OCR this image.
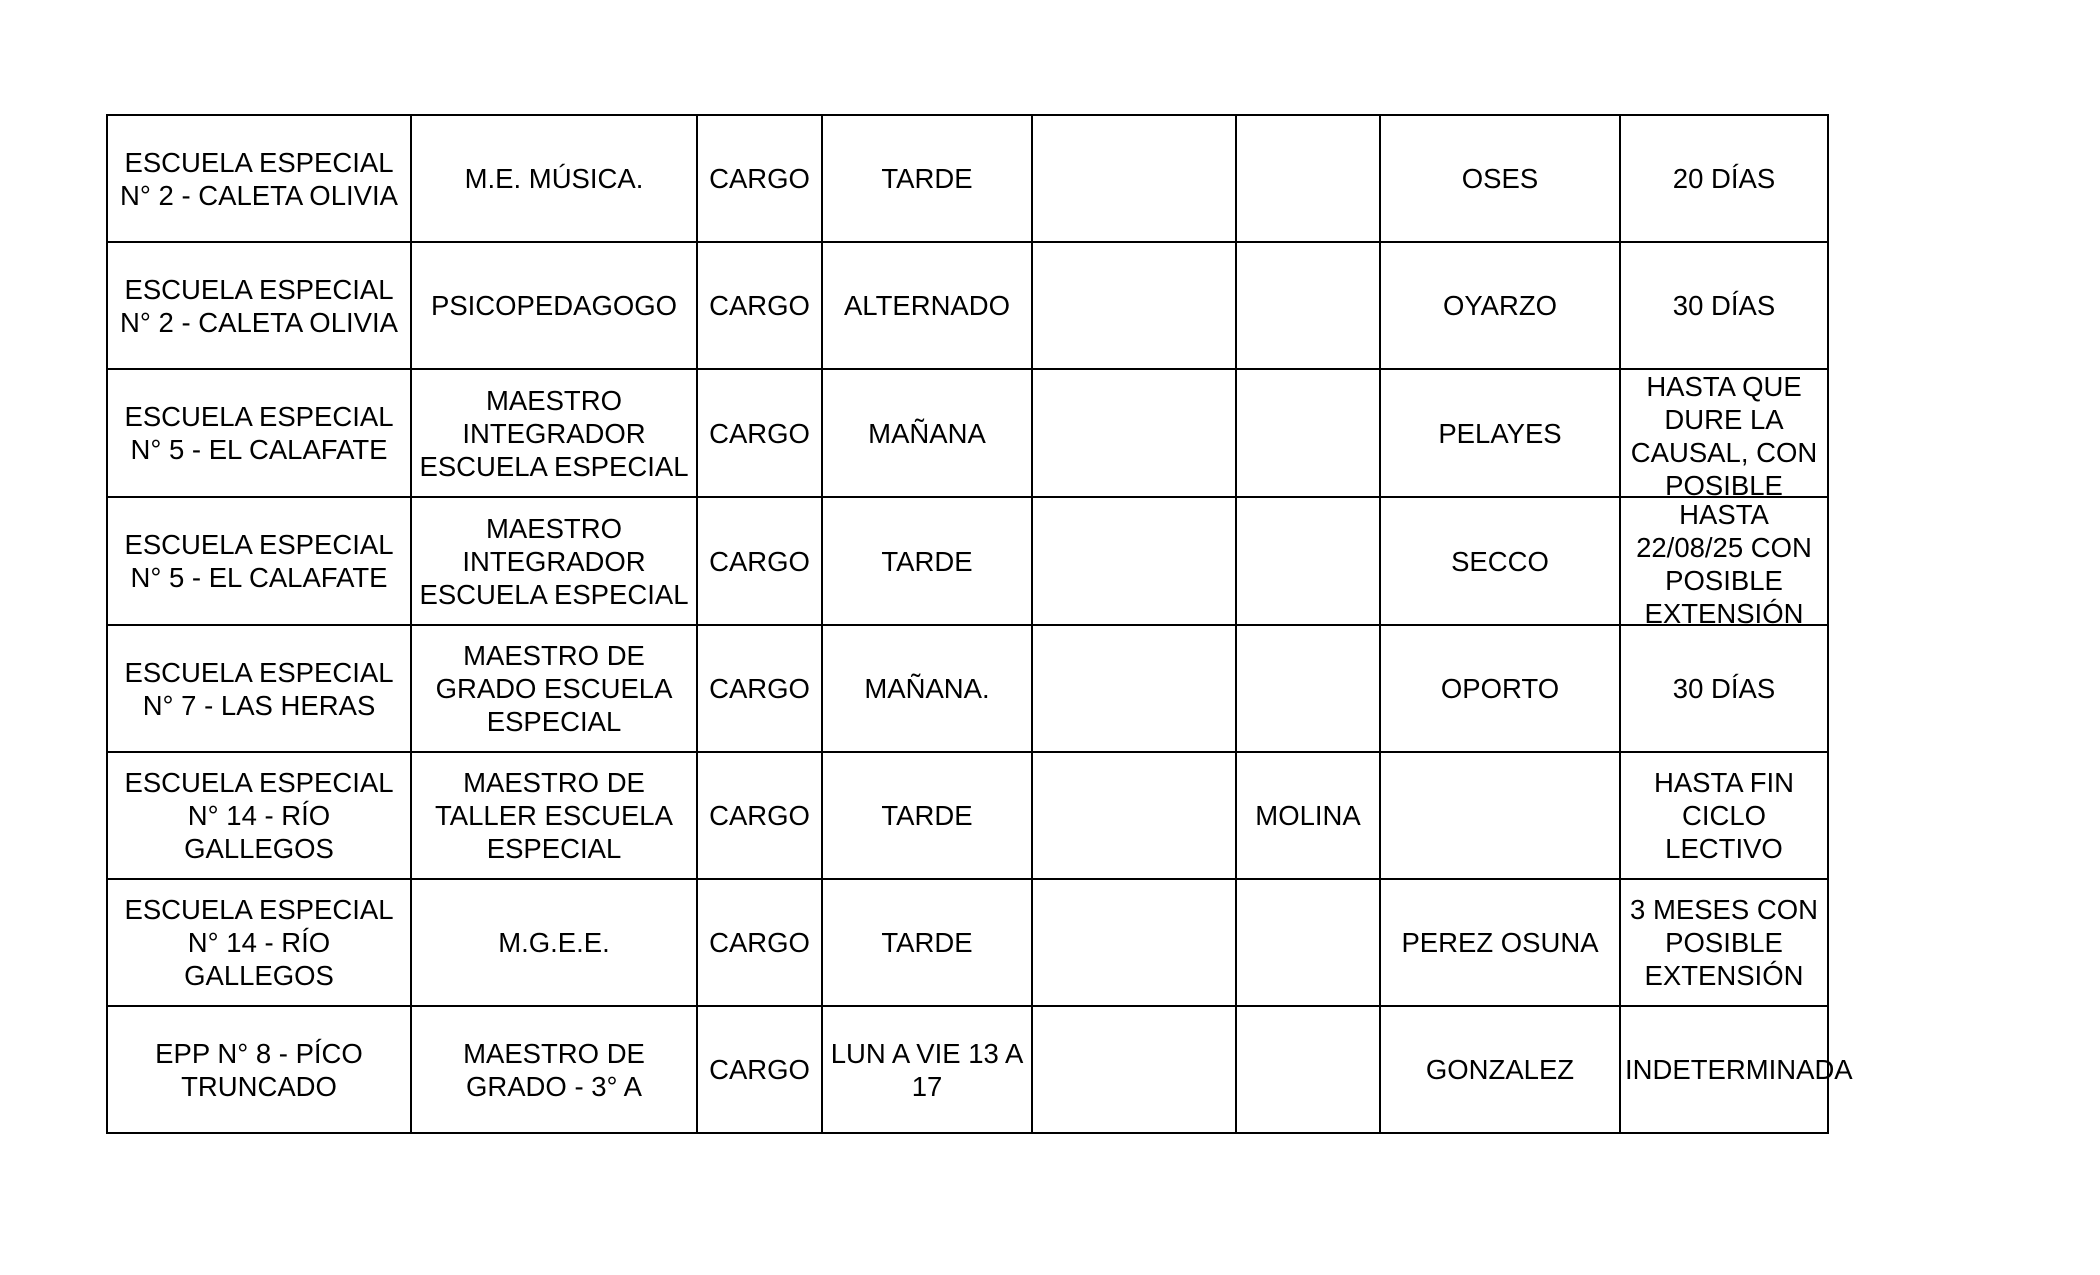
ESCUELA ESPECIAL N° 2 - CALETA OLIVIA	M.E. MÚSICA.	CARGO	TARDE			OSES	20 DÍAS

ESCUELA ESPECIAL N° 2 - CALETA OLIVIA	PSICOPEDAGOGO	CARGO	ALTERNADO			OYARZO	30 DÍAS

ESCUELA ESPECIAL N° 5 - EL CALAFATE	MAESTRO INTEGRADOR ESCUELA ESPECIAL	CARGO	MAÑANA			PELAYES	HASTA QUE DURE LA CAUSAL, CON POSIBLE

ESCUELA ESPECIAL N° 5 - EL CALAFATE	MAESTRO INTEGRADOR ESCUELA ESPECIAL	CARGO	TARDE			SECCO	HASTA 22/08/25 CON POSIBLE EXTENSIÓN

ESCUELA ESPECIAL N° 7 - LAS HERAS	MAESTRO DE GRADO ESCUELA ESPECIAL	CARGO	MAÑANA.			OPORTO	30 DÍAS

ESCUELA ESPECIAL N° 14 - RÍO GALLEGOS	MAESTRO DE TALLER ESCUELA ESPECIAL	CARGO	TARDE		MOLINA		HASTA FIN CICLO LECTIVO

ESCUELA ESPECIAL N° 14 - RÍO GALLEGOS	M.G.E.E.	CARGO	TARDE			PEREZ OSUNA	3 MESES CON POSIBLE EXTENSIÓN

EPP N° 8 - PÍCO TRUNCADO	MAESTRO DE GRADO - 3° A	CARGO	LUN A VIE 13 A 17			GONZALEZ	INDETERMINADA
